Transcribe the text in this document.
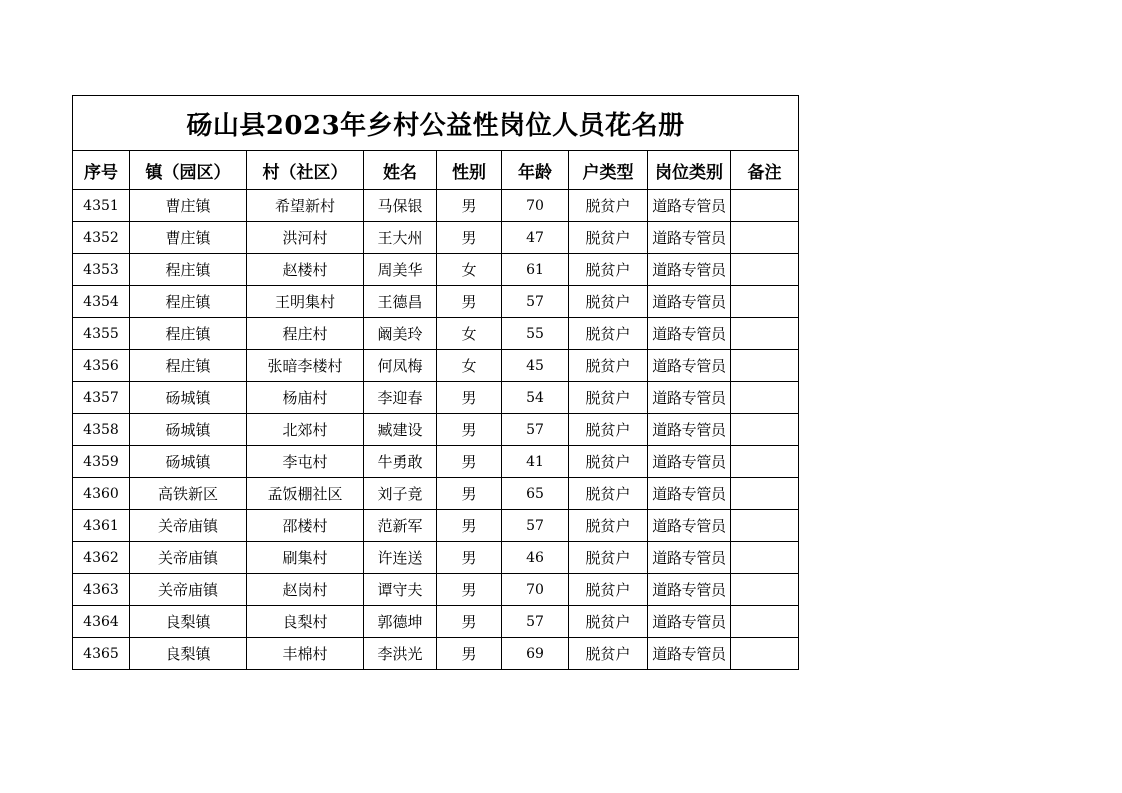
砀山县2023年乡村公益性岗位人员花名册								
序号	镇（园区）	村（社区）	姓名	性别	年龄	户类型	岗位类别	备注
4351	曹庄镇	希望新村	马保银	男	70	脱贫户	道路专管员	
4352	曹庄镇	洪河村	王大州	男	47	脱贫户	道路专管员	
4353	程庄镇	赵楼村	周美华	女	61	脱贫户	道路专管员	
4354	程庄镇	王明集村	王德昌	男	57	脱贫户	道路专管员	
4355	程庄镇	程庄村	阚美玲	女	55	脱贫户	道路专管员	
4356	程庄镇	张暗李楼村	何凤梅	女	45	脱贫户	道路专管员	
4357	砀城镇	杨庙村	李迎春	男	54	脱贫户	道路专管员	
4358	砀城镇	北郊村	臧建设	男	57	脱贫户	道路专管员	
4359	砀城镇	李屯村	牛勇敢	男	41	脱贫户	道路专管员	
4360	高铁新区	孟饭棚社区	刘子竟	男	65	脱贫户	道路专管员	
4361	关帝庙镇	邵楼村	范新军	男	57	脱贫户	道路专管员	
4362	关帝庙镇	刷集村	许连送	男	46	脱贫户	道路专管员	
4363	关帝庙镇	赵岗村	谭守夫	男	70	脱贫户	道路专管员	
4364	良梨镇	良梨村	郭德坤	男	57	脱贫户	道路专管员	
4365	良梨镇	丰棉村	李洪光	男	69	脱贫户	道路专管员	
